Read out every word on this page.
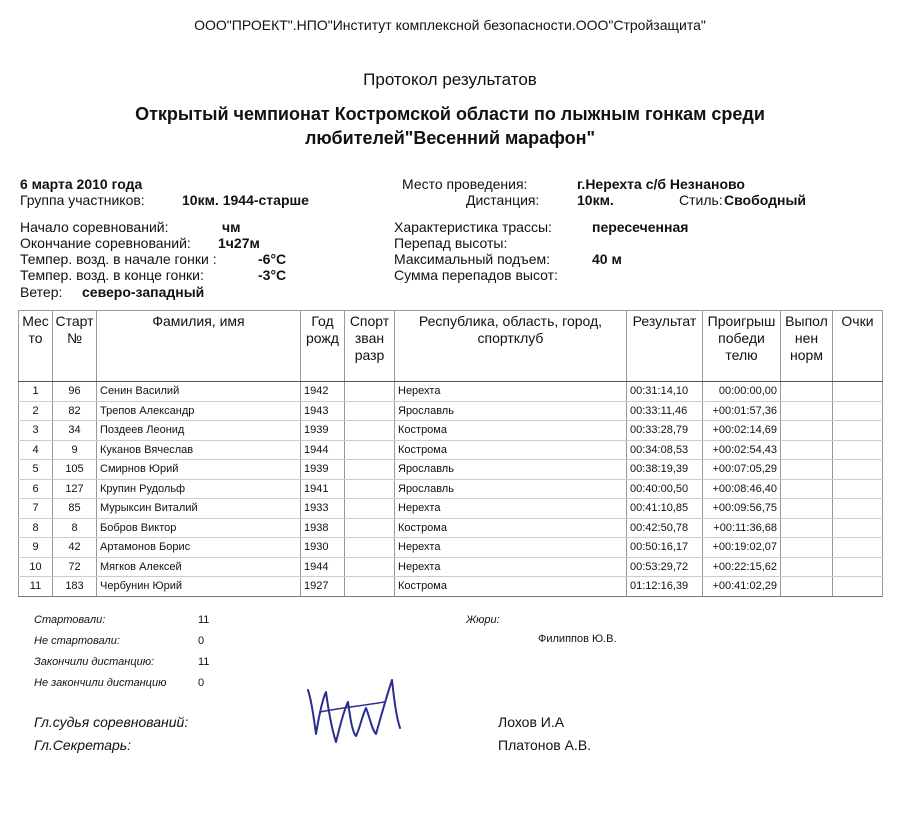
ООО"ПРОЕКТ".НПО"Институт комплексной безопасности.ООО"Стройзащита"
Протокол результатов
Открытый чемпионат Костромской области по лыжным гонкам среди
любителей"Весенний марафон"
6 марта 2010 года
Группа участников:	10км. 1944-старше
Начало соревнований:	чм
Окончание соревнований: 1ч27м
Темпер. возд. в начале гонки :	-6°С
Темпер. возд. в конце гонки:	-3°С
Ветер: северо-западный
Место проведения:	г.Нерехта с/б Незнаново
Дистанция:	10км.	Стиль: Свободный
Характеристика трассы:	пересеченная
Перепад высоты:
Максимальный подъем:	40 м
Сумма перепадов высот:
Мес то	Старт №	Фамилия, имя	Год рожд	Спорт зван разр	Республика, область, город, спортклуб	Результат	Проигрыш победи телю	Выпол нен норм	Очки
1	96	Сенин Василий	1942		Нерехта	00:31:14,10	00:00:00,00		
2	82	Трепов Александр	1943		Ярославль	00:33:11,46	+00:01:57,36		
3	34	Поздеев Леонид	1939		Кострома	00:33:28,79	+00:02:14,69		
4	9	Куканов Вячеслав	1944		Кострома	00:34:08,53	+00:02:54,43		
5	105	Смирнов Юрий	1939		Ярославль	00:38:19,39	+00:07:05,29		
6	127	Крупин Рудольф	1941		Ярославль	00:40:00,50	+00:08:46,40		
7	85	Мурыксин Виталий	1933		Нерехта	00:41:10,85	+00:09:56,75		
8	8	Бобров Виктор	1938		Кострома	00:42:50,78	+00:11:36,68		
9	42	Артамонов Борис	1930		Нерехта	00:50:16,17	+00:19:02,07		
10	72	Мягков Алексей	1944		Нерехта	00:53:29,72	+00:22:15,62		
11	183	Чербунин Юрий	1927		Кострома	01:12:16,39	+00:41:02,29		
Стартовали:	11
Не стартовали:	0
Закончили дистанцию:	11
Не закончили дистанцию	0
Жюри:
Филиппов Ю.В.
Гл.судья соревнований:	Лохов И.А
Гл.Секретарь:	Платонов А.В.
